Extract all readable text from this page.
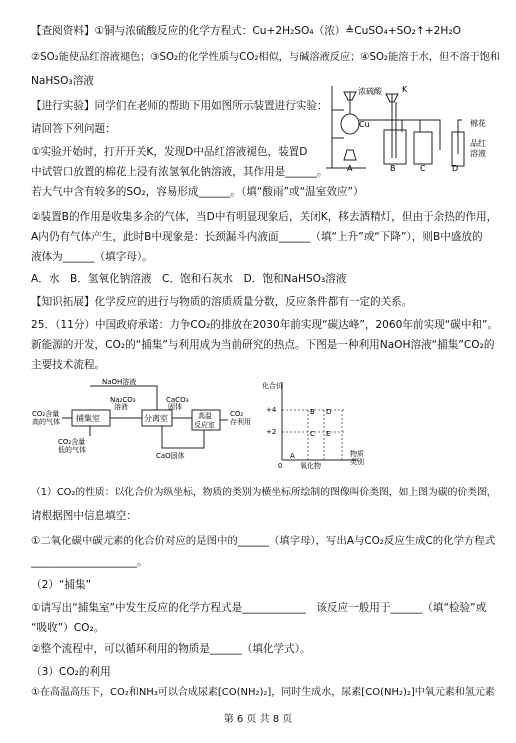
【查阅资料】①铜与浓硫酸反应的化学方程式：Cu+2H₂SO₄（浓）≜CuSO₄+SO₂↑+2H₂O
②SO₂能使品红溶液褪色；③SO₂的化学性质与CO₂相似，与碱溶液反应；④SO₂能溶于水，但不溶于饱和
NaHSO₃溶液
【进行实验】同学们在老师的帮助下用如图所示装置进行实验：
请回答下列问题：
①实验开始时，打开开关K，发现D中品红溶液褪色，装置D
中试管口放置的棉花上浸有浓氢氧化钠溶液，其作用是______。
若大气中含有较多的SO₂，容易形成______。（填“酸雨”或“温室效应”）
②装置B的作用是收集多余的气体，当D中有明显现象后，关闭K，移去酒精灯，但由于余热的作用，
A内仍有气体产生，此时B中现象是：长颈漏斗内液面______（填“上升”或“下降”），则B中盛放的
液体为______（填字母）。
A．水　B．氢氧化钠溶液　C．饱和石灰水　D．饱和NaHSO₃溶液
【知识拓展】化学反应的进行与物质的溶质质量分数，反应条件都有一定的关系。
25．（11分）中国政府承诺：力争CO₂的排放在2030年前实现“碳达峰”，2060年前实现“碳中和”。
新能源的开发，CO₂的“捕集”与利用成为当前研究的热点。下图是一种利用NaOH溶液“捕集”CO₂的
主要技术流程。
浓硫酸	K
Cu	棉花
品红
溶液
A	B	C	D
CO₂含量
高的气体
CO₂含量
低的气体
NaOH溶液
Na₂CO₃
溶液
CaCO₃
固体
CaO固体
捕集室	分离室	高温
反应室
CO₂
存利用
化合价
+4
+2
0	氧化物
物质
类别
A
B
C
D
E
（1）CO₂的性质：以化合价为纵坐标，物质的类别为横坐标所绘制的图像叫价类图，如上图为碳的价类图，
请根据图中信息填空：
①二氧化碳中碳元素的化合价对应的是图中的______（填字母），写出A与CO₂反应生成C的化学方程式
____________________。
（2）“捕集”
①请写出“捕集室”中发生反应的化学方程式是____________　该反应一般用于______（填“检验”或
“吸收”）CO₂。
②整个流程中，可以循环利用的物质是______（填化学式）。
（3）CO₂的利用
①在高温高压下，CO₂和NH₃可以合成尿素[CO(NH₂)₂]，同时生成水，尿素[CO(NH₂)₂]中氧元素和氢元素
第 6 页 共 8 页
